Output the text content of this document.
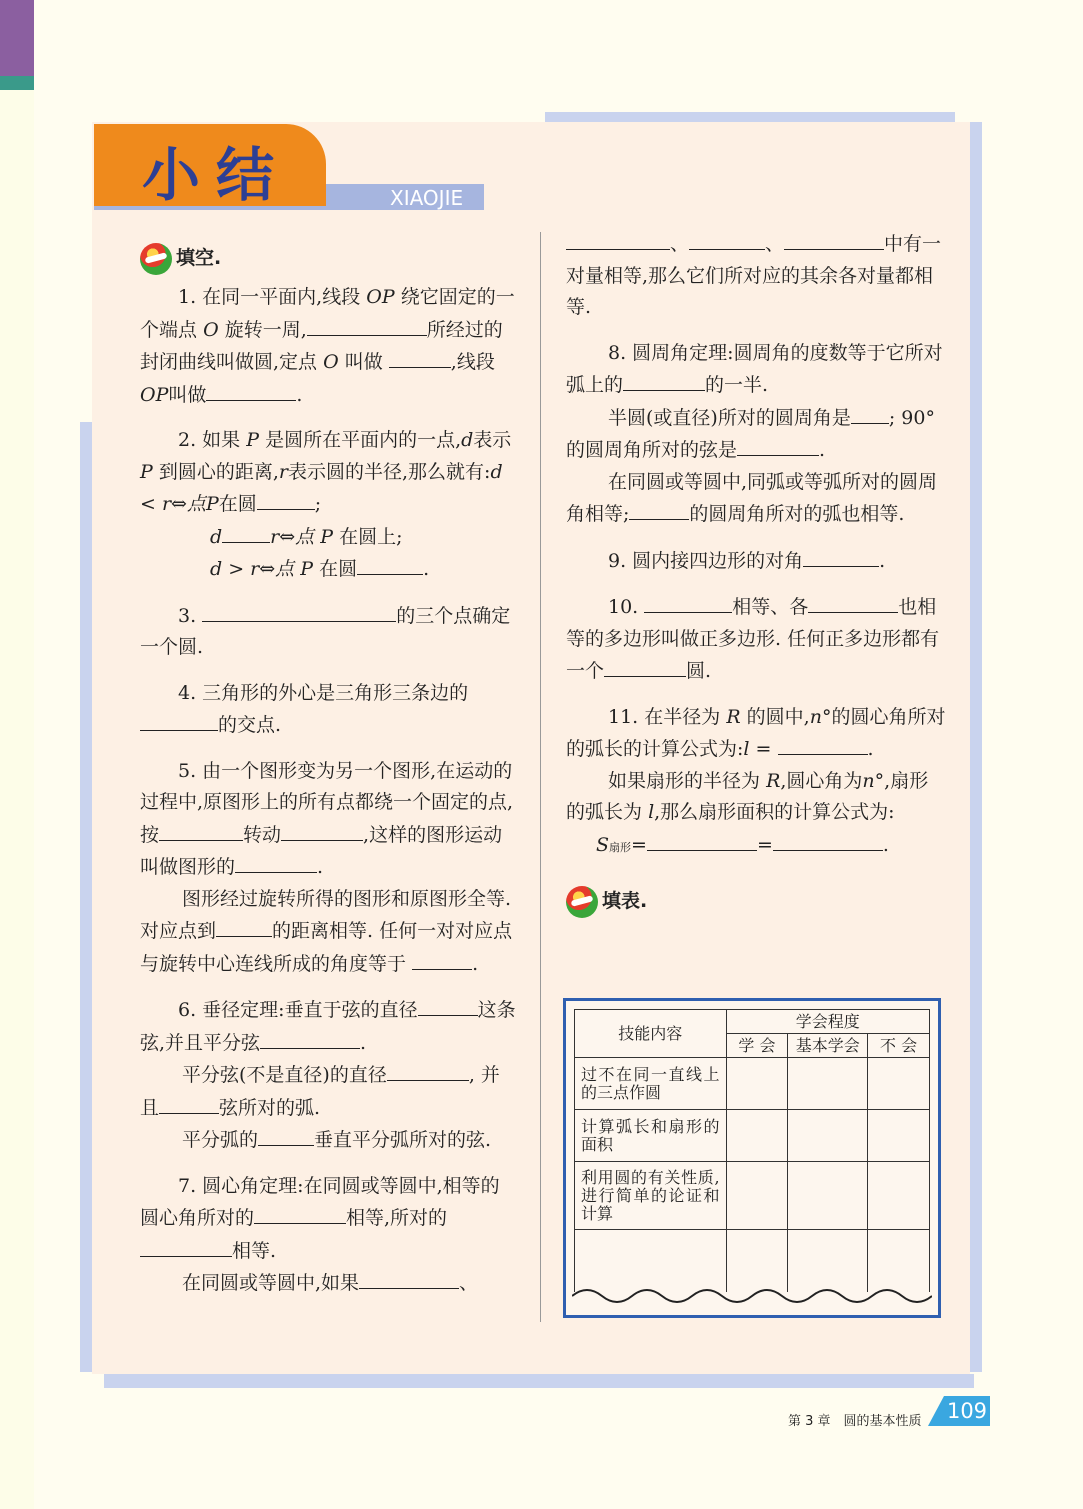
小结	XIAOJIE
填空.
1. 在同一平面内,线段 OP 绕它固定的一个端点 O 旋转一周,	所经过的封闭曲线叫做圆,定点 O 叫做	,线段OP叫做	.
2. 如果 P 是圆所在平面内的一点,d表示 P 到圆心的距离,r表示圆的半径,那么就有:d < r⇔点P在圆	;
d	r⇔点 P 在圆上;
d > r⇔点 P 在圆	.
3.	的三个点确定一个圆.
4. 三角形的外心是三角形三条边的的交点.
5. 由一个图形变为另一个图形,在运动的过程中,原图形上的所有点都绕一个固定的点,按	转动	,这样的图形运动叫做图形的	.
图形经过旋转所得的图形和原图形全等. 对应点到	的距离相等. 任何一对对应点与旋转中心连线所成的角度等于	.
6. 垂径定理:垂直于弦的直径	这条弦,并且平分弦	.
平分弦(不是直径)的直径	, 并且	弦所对的弧.
平分弧的	垂直平分弧所对的弦.
7. 圆心角定理:在同圆或等圆中,相等的圆心角所对的	相等,所对的相等.
在同圆或等圆中,如果	、
、	、	中有一对量相等,那么它们所对应的其余各对量都相等.
8. 圆周角定理:圆周角的度数等于它所对弧上的	的一半.
半圆(或直径)所对的圆周角是 ; 90°的圆周角所对的弦是	.
在同圆或等圆中,同弧或等弧所对的圆周角相等;	的圆周角所对的弧也相等.
9. 圆内接四边形的对角	.
10.	相等、各	也相等的多边形叫做正多边形. 任何正多边形都有一个	圆.
11. 在半径为 R 的圆中,n°的圆心角所对的弧长的计算公式为:l =	.
如果扇形的半径为 R,圆心角为n°,扇形的弧长为 l,那么扇形面积的计算公式为:
S扇形=	=	.
填表.
技能内容	学会程度		
	学 会	基本学会	不 会
过不在同一直线上的三点作圆			
计算弧长和扇形的面积			
利用圆的有关性质,进行简单的论证和计算			

第 3 章　圆的基本性质 109
